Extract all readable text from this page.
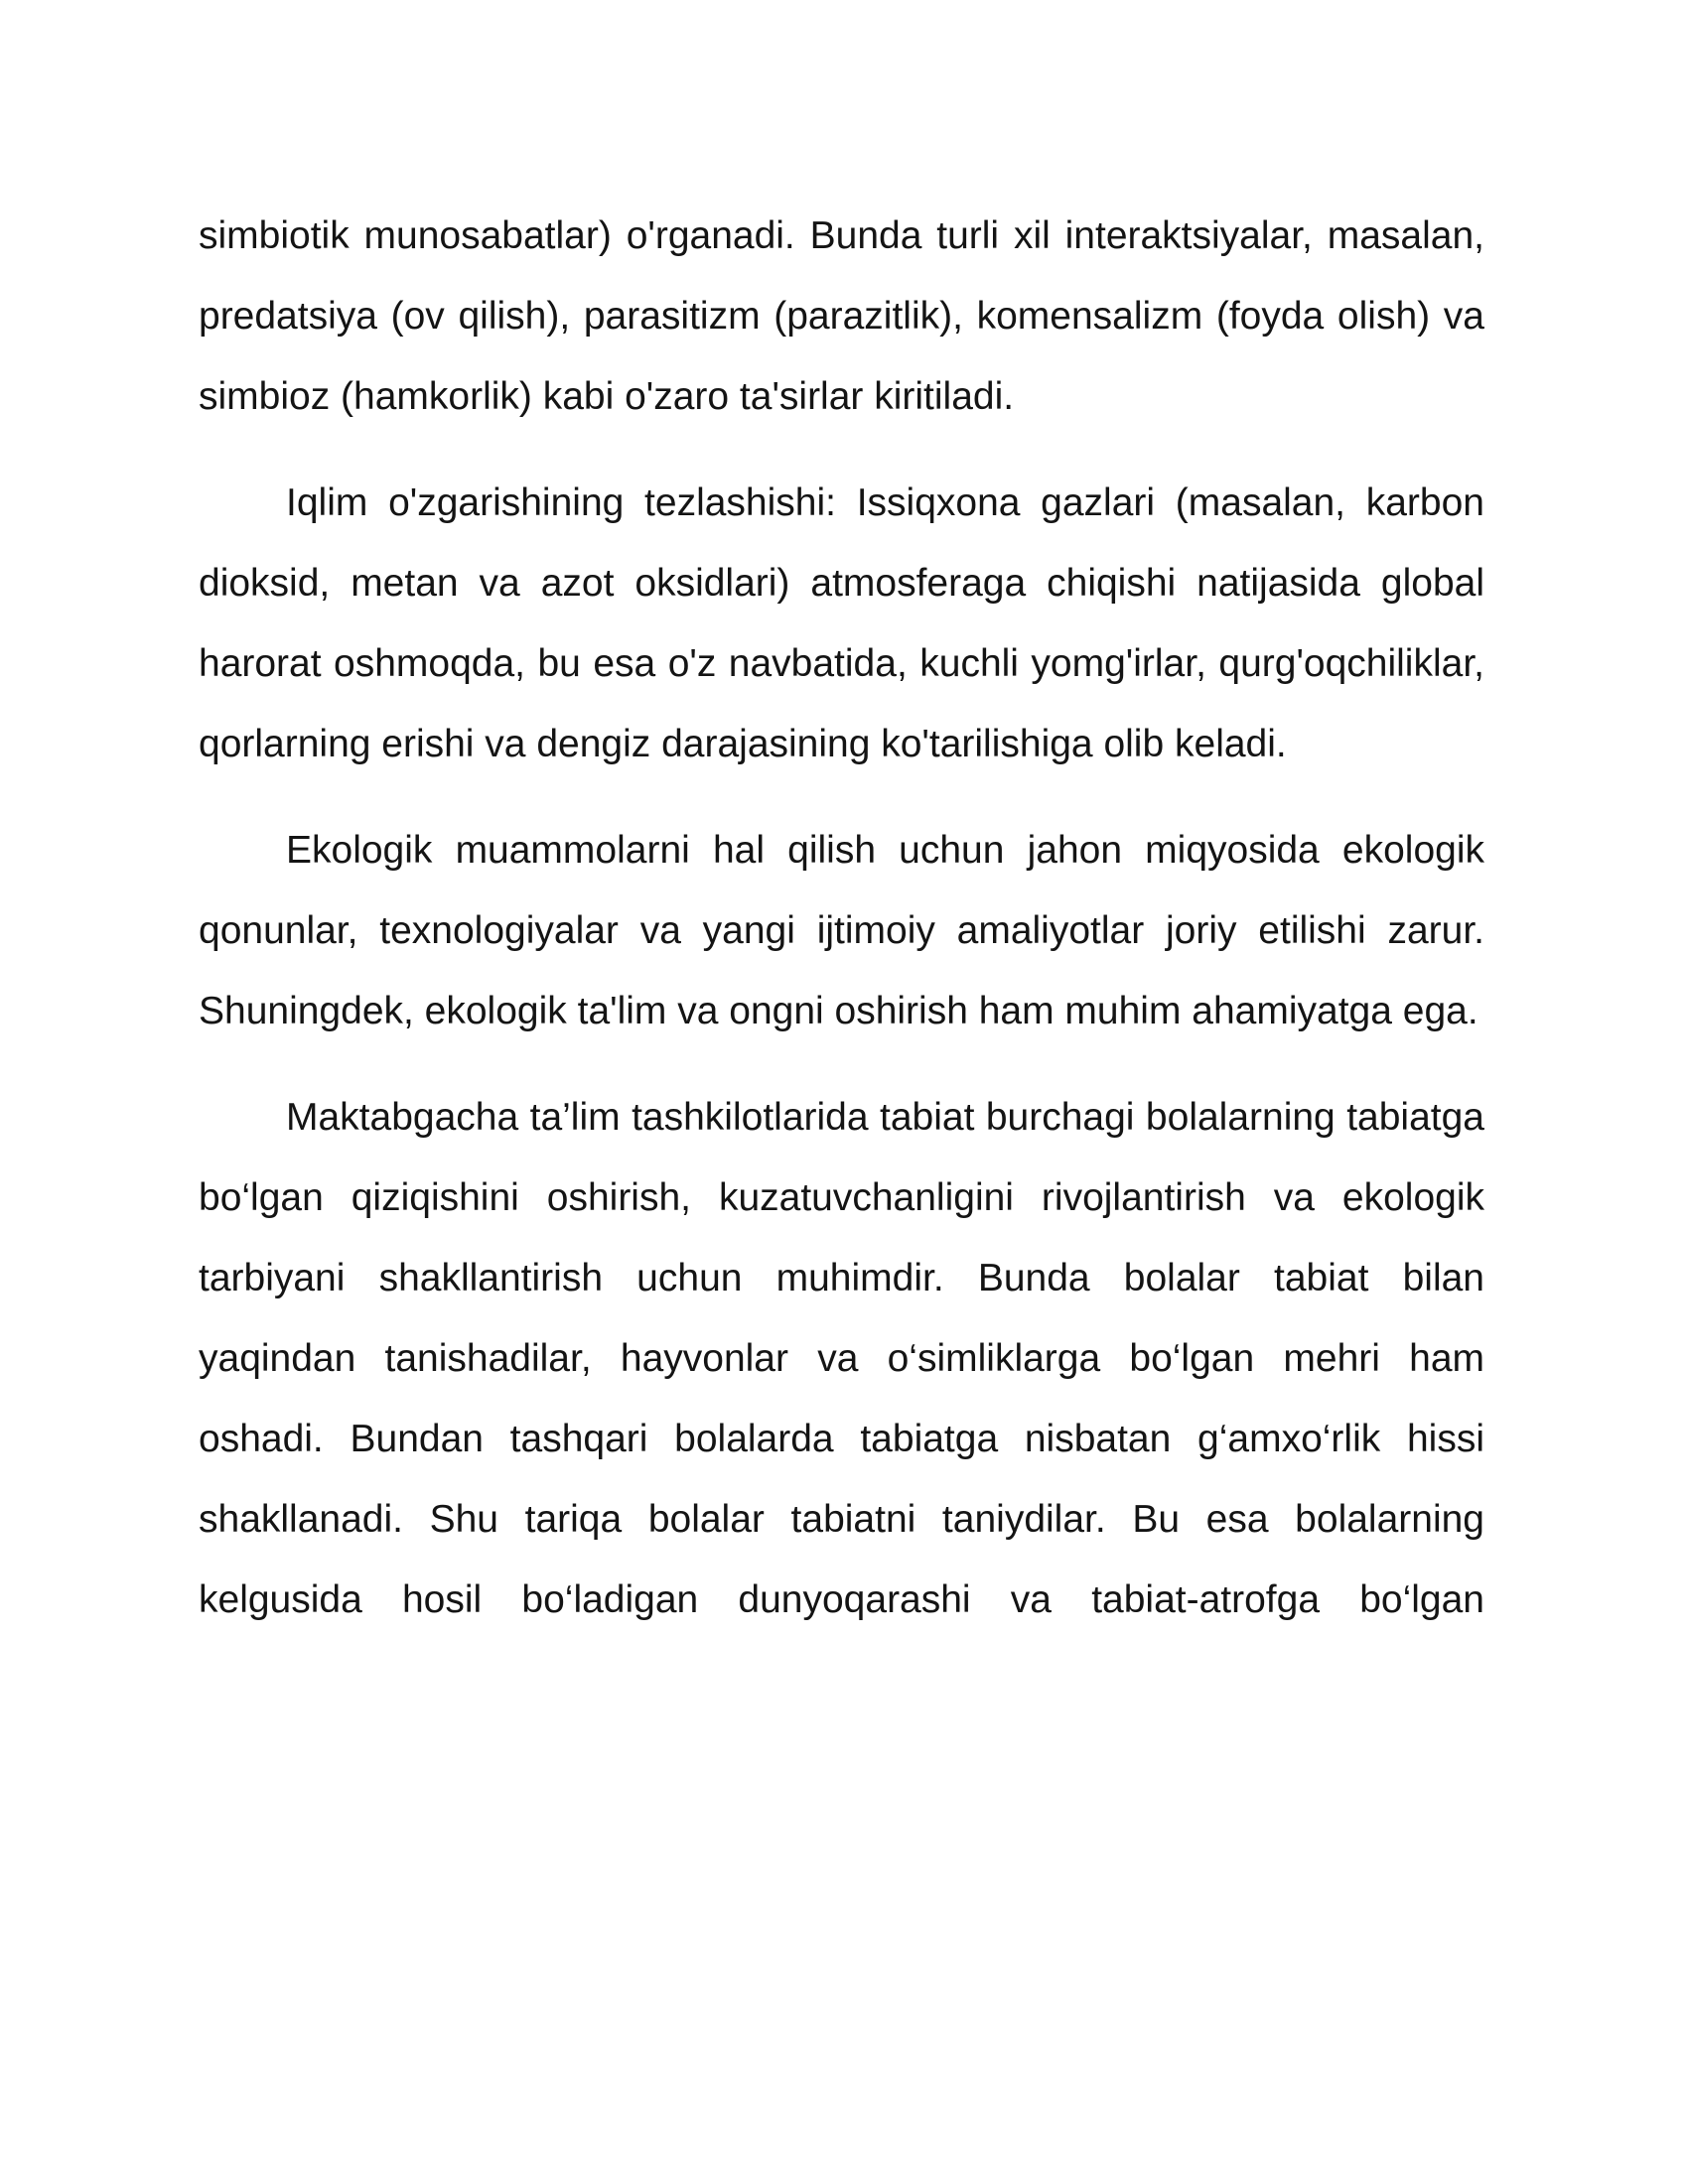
simbiotik munosabatlar) o'rganadi. Bunda turli xil interaktsiyalar, masalan, predatsiya (ov qilish), parasitizm (parazitlik), komensalizm (foyda olish) va simbioz (hamkorlik) kabi o'zaro ta'sirlar kiritiladi.

Iqlim o'zgarishining tezlashishi: Issiqxona gazlari (masalan, karbon dioksid, metan va azot oksidlari) atmosferaga chiqishi natijasida global harorat oshmoqda, bu esa o'z navbatida, kuchli yomg'irlar, qurg'oqchiliklar, qorlarning erishi va dengiz darajasining ko'tarilishiga olib keladi.

Ekologik muammolarni hal qilish uchun jahon miqyosida ekologik qonunlar, texnologiyalar va yangi ijtimoiy amaliyotlar joriy etilishi zarur. Shuningdek, ekologik ta'lim va ongni oshirish ham muhim ahamiyatga ega.

Maktabgacha ta’lim tashkilotlarida tabiat burchagi bolalarning tabiatga bo‘lgan qiziqishini oshirish, kuzatuvchanligini rivojlantirish va ekologik tarbiyani shakllantirish uchun muhimdir. Bunda bolalar tabiat bilan yaqindan tanishadilar, hayvonlar va o‘simliklarga bo‘lgan mehri ham oshadi. Bundan tashqari bolalarda tabiatga nisbatan g‘amxo‘rlik hissi shakllanadi. Shu tariqa bolalar tabiatni taniydilar. Bu esa bolalarning kelgusida hosil bo‘ladigan dunyoqarashi va tabiat-atrofga bo‘lgan
